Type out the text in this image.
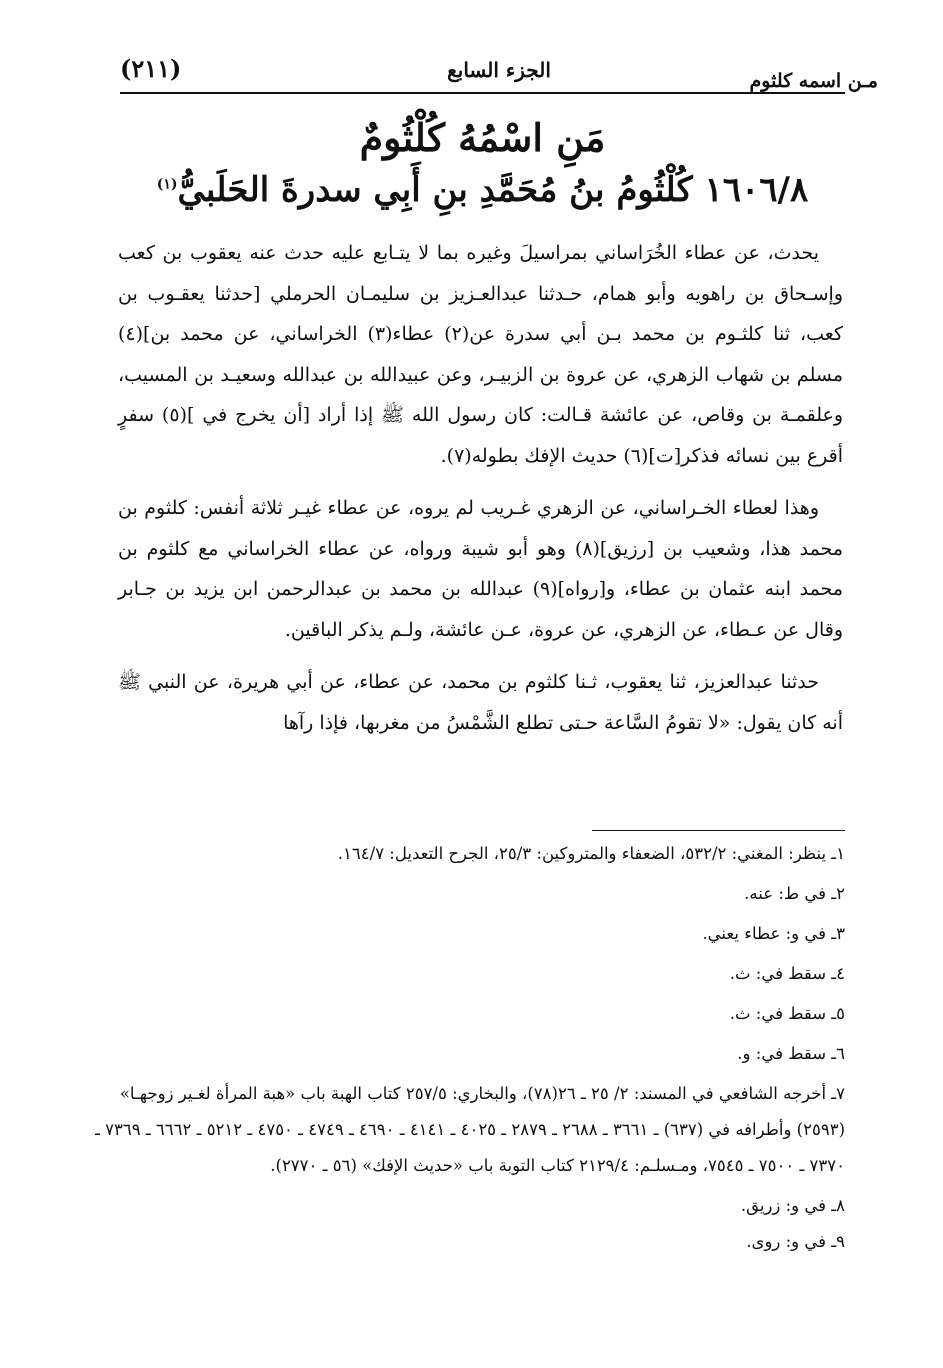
مـن اسمه كلثوم
الجزء السابع
(٢١١)
مَنِ اسْمُهُ كُلْثُومٌ
١٦٠٦/٨ كُلْثُومُ بنُ مُحَمَّدِ بنِ أَبِي سدرةَ الحَلَبيُّ$^{(١)}$

يحدث، عن عطاء الخُرَاساني بمراسيلَ وغيره بما لا يتـابع عليه حدث عنه يعقوب بن كعب وإسـحاق بن راهويه وأبو همام، حـدثنا عبدالعـزيز بن سليمـان الحرملي [حدثنا يعقـوب بن كعب، ثنا كلثـوم بن محمد بـن أبي سدرة عن(٢) عطاء(٣) الخراساني، عن محمد بن](٤) مسلم بن شهاب الزهري، عن عروة بن الزبيـر، وعن عبيدالله بن عبدالله وسعيـد بن المسيب، وعلقمـة بن وقاص، عن عائشة قـالت: كان رسول الله ﷺ إذا أراد [أن يخرج في ](٥) سفرٍ أقرع بين نسائه فذكر[ت](٦) حديث الإفك بطوله(٧).

وهذا لعطاء الخـراساني، عن الزهري غـريب لم يروه، عن عطاء غيـر ثلاثة أنفس: كلثوم بن محمد هذا، وشعيب بن [رزيق](٨) وهو أبو شيبة ورواه، عن عطاء الخراساني مع كلثوم بن محمد ابنه عثمان بن عطاء، و[رواه](٩) عبدالله بن محمد بن عبدالرحمن ابن يزيد بن جـابر وقال عن عـطاء، عن الزهري، عن عروة، عـن عائشة، ولـم يذكر الباقين.

حدثنا عبدالعزيز، ثنا يعقوب، ثـنا كلثوم بن محمد، عن عطاء، عن أبي هريرة، عن النبي ﷺ أنه كان يقول: «لا تقومُ السَّاعة حـتى تطلع الشَّمْسُ من مغربها، فإذا رآها

١ـ ينظر: المغني: ٥٣٢/٢، الضعفاء والمتروكين: ٢٥/٣، الجرح التعديل: ١٦٤/٧.

٢ـ في ط: عنه.

٣ـ في و: عطاء يعني.

٤ـ سقط في: ث.

٥ـ سقط في: ث.

٦ـ سقط في: و.

٧ـ أخرجه الشافعي في المسند: ٢/ ٢٥ ـ ٢٦(٧٨)، والبخاري: ٢٥٧/٥ كتاب الهبة باب «هبة المرأة لغـير زوجهـا» (٢٥٩٣) وأطرافه في (٦٣٧) ـ ٣٦٦١ ـ ٢٦٨٨ ـ ٢٨٧٩ ـ ٤٠٢٥ ـ ٤١٤١ ـ ٤٦٩٠ ـ ٤٧٤٩ ـ ٤٧٥٠ ـ ٥٢١٢ ـ ٦٦٦٢ ـ ٧٣٦٩ ـ ٧٣٧٠ ـ ٧٥٠٠ ـ ٧٥٤٥، ومـسلـم: ٢١٢٩/٤ كتاب التوبة باب «حديث الإفك» (٥٦ ـ ٢٧٧٠).

٨ـ في و: زريق.

٩ـ في و: روى.
